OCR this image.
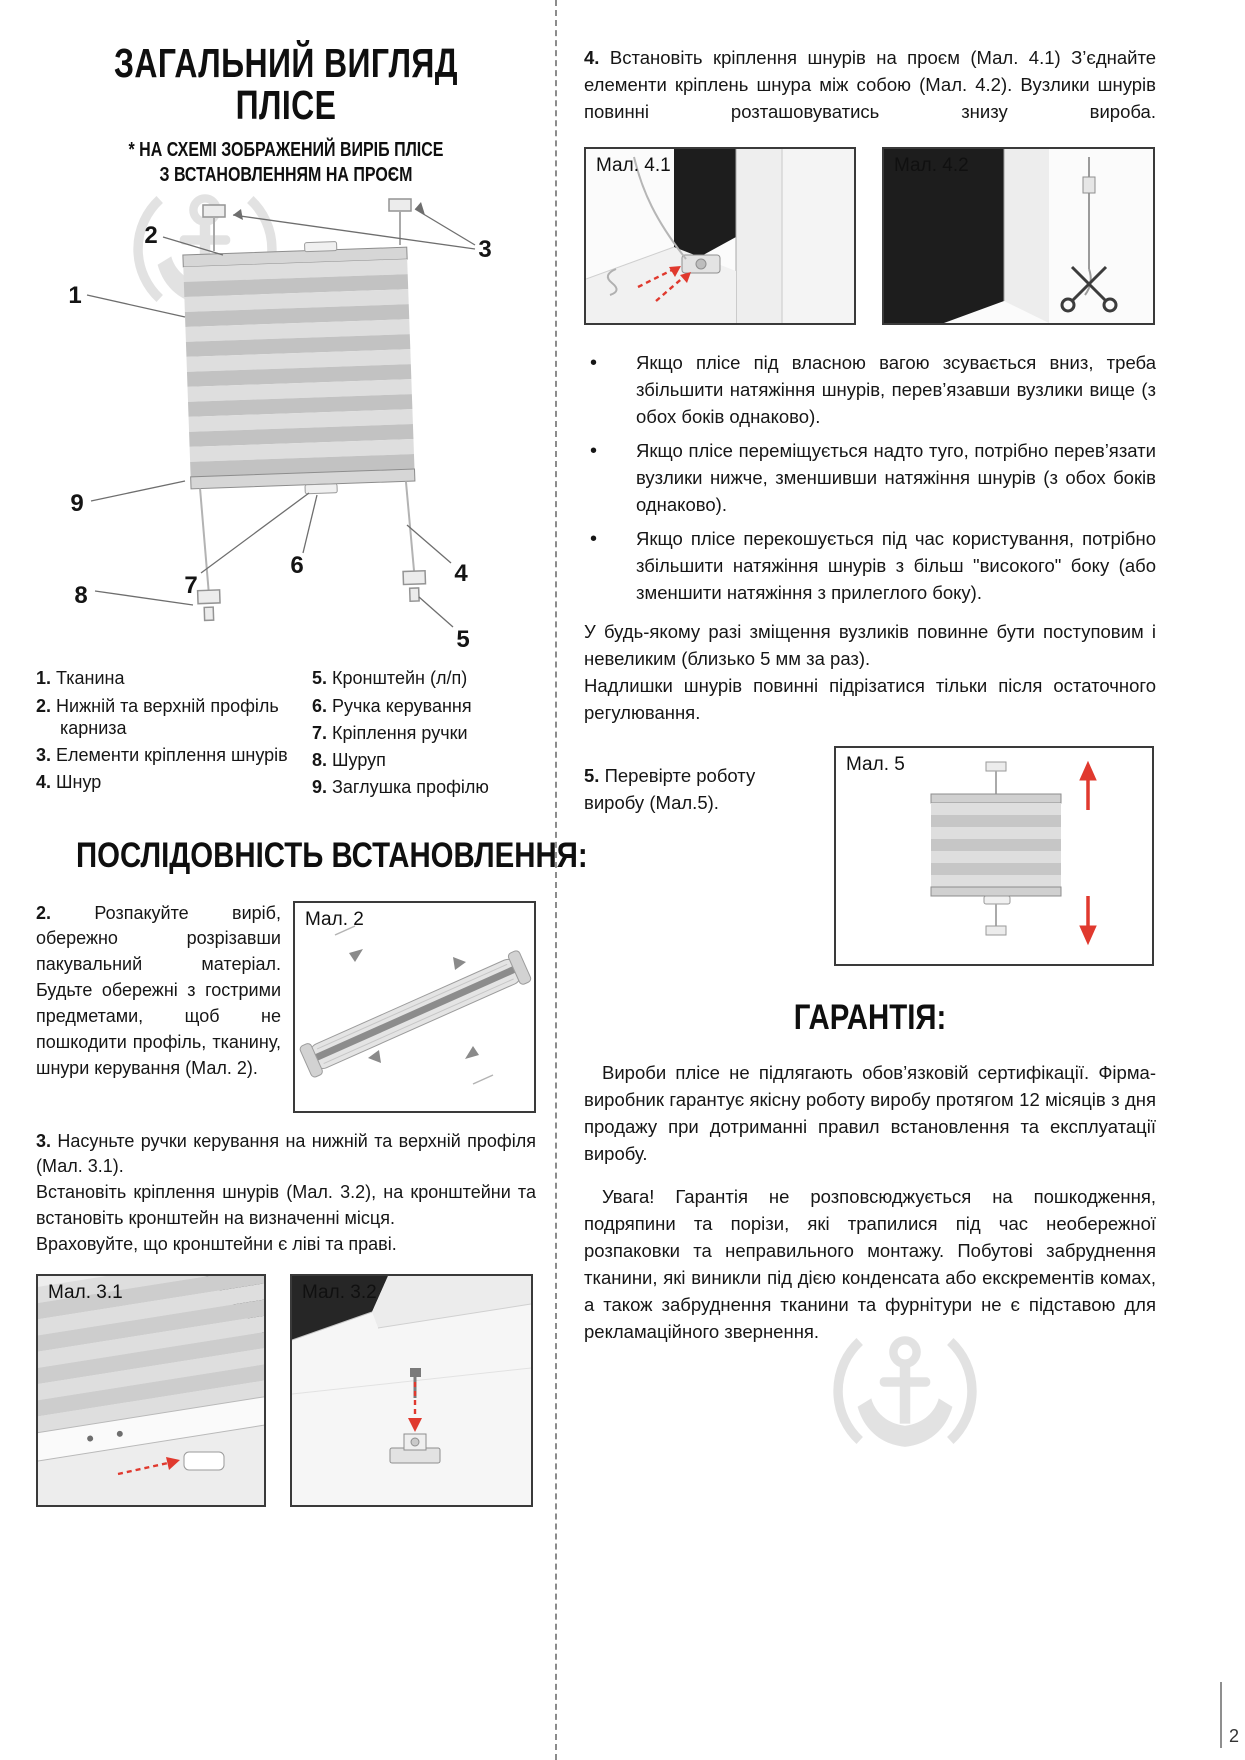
ЗАГАЛЬНИЙ ВИГЛЯД
ПЛІСЕ
* НА СХЕМІ ЗОБРАЖЕНИЙ ВИРІБ ПЛІСЕ
З ВСТАНОВЛЕННЯМ НА ПРОЄМ
1
2
3
4
5
6
7
8
9
1. Тканина
2. Нижній та верхній профіль карниза
3. Елементи кріплення шнурів
4. Шнур
5. Кронштейн (л/п)
6. Ручка керування
7. Кріплення ручки
8. Шуруп
9. Заглушка профілю
ПОСЛІДОВНІСТЬ ВСТАНОВЛЕННЯ:

2. Розпакуйте виріб, обережно розрізавши пакувальний матеріал. Будьте обережні з гострими предметами, щоб не пошкодити профіль, тканину, шнури керування (Мал. 2).

Мал. 2

3. Насуньте ручки керування на нижній та верхній профіля (Мал. 3.1).

Встановіть кріплення шнурів (Мал. 3.2), на кронштейни та встановіть кронштейн на визначенні місця.

Враховуйте, що кронштейни є ліві та праві.

Мал. 3.1	Мал. 3.2

4. Встановіть кріплення шнурів на проєм (Мал. 4.1) З’єднайте елементи кріплень шнура між собою (Мал. 4.2). Вузлики шнурів повинні розташовуватись знизу вироба.

Мал. 4.1	Мал. 4.2
•	Якщо плісе під власною вагою зсувається вниз, треба збільшити натяжіння шнурів, перев’язавши вузлики вище (з обох боків однаково).

•	Якщо плісе переміщується надто туго, потрібно перев’язати вузлики нижче, зменшивши натяжіння шнурів (з обох боків однаково).

•	Якщо плісе перекошується під час користування, потрібно збільшити натяжіння шнурів з більш "високого" боку (або зменшити натяжіння з прилеглого боку).

У будь-якому разі зміщення вузликів повинне бути поступовим і невеликим (близько 5 мм за раз).

Надлишки шнурів повинні підрізатися тільки після остаточного регулювання.

5. Перевірте роботу виробу (Мал.5).

Мал. 5
ГАРАНТІЯ:

Вироби плісе не підлягають обов’язковій сертифікації. Фірма-виробник гарантує якісну роботу виробу протягом 12 місяців з дня продажу при дотриманні правил встановлення та експлуатації виробу.

Увага! Гарантія не розповсюджується на пошкодження, подряпини та порізи, які трапилися під час необережної розпаковки та неправильного монтажу. Побутові забруднення тканини, які виникли під дією конденсата або екскрементів комах, а також забруднення тканини та фурнітури не є підставою для рекламаційного звернення.

2
